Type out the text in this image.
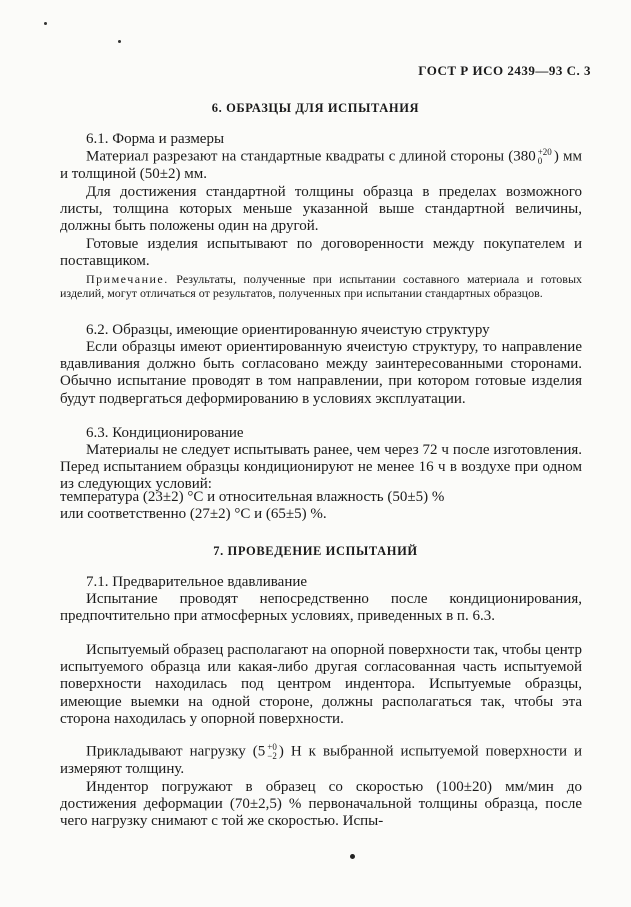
ГОСТ Р ИСО 2439—93 С. 3
6. ОБРАЗЦЫ ДЛЯ ИСПЫТАНИЯ

6.1. Форма и размеры

Материал разрезают на стандартные квадраты с длиной стороны (380 +20
0 ) мм и толщиной (50±2) мм.

Для достижения стандартной толщины образца в пределах возможного листы, толщина которых меньше указанной выше стандартной величины, должны быть положены один на другой.

Готовые изделия испытывают по договоренности между покупателем и поставщиком.

Примечание. Результаты, полученные при испытании составного материала и готовых изделий, могут отличаться от результатов, полученных при испытании стандартных образцов.

6.2. Образцы, имеющие ориентированную ячеистую структуру

Если образцы имеют ориентированную ячеистую структуру, то направление вдавливания должно быть согласовано между заинтересованными сторонами. Обычно испытание проводят в том направлении, при котором готовые изделия будут подвергаться деформированию в условиях эксплуатации.

6.3. Кондиционирование

Материалы не следует испытывать ранее, чем через 72 ч после изготовления. Перед испытанием образцы кондиционируют не менее 16 ч в воздухе при одном из следующих условий:

температура (23±2) °С и относительная влажность (50±5) %

или соответственно (27±2) °С и (65±5) %.

7. ПРОВЕДЕНИЕ ИСПЫТАНИЙ

7.1. Предварительное вдавливание

Испытание проводят непосредственно после кондиционирования, предпочтительно при атмосферных условиях, приведенных в п. 6.3.

Испытуемый образец располагают на опорной поверхности так, чтобы центр испытуемого образца или какая-либо другая согласованная часть испытуемой поверхности находилась под центром индентора. Испытуемые образцы, имеющие выемки на одной стороне, должны располагаться так, чтобы эта сторона находилась у опорной поверхности.

Прикладывают нагрузку (5 +0
−2 ) Н к выбранной испытуемой поверхности и измеряют толщину.

Индентор погружают в образец со скоростью (100±20) мм/мин до достижения деформации (70±2,5) % первоначальной толщины образца, после чего нагрузку снимают с той же скоростью. Испы-
